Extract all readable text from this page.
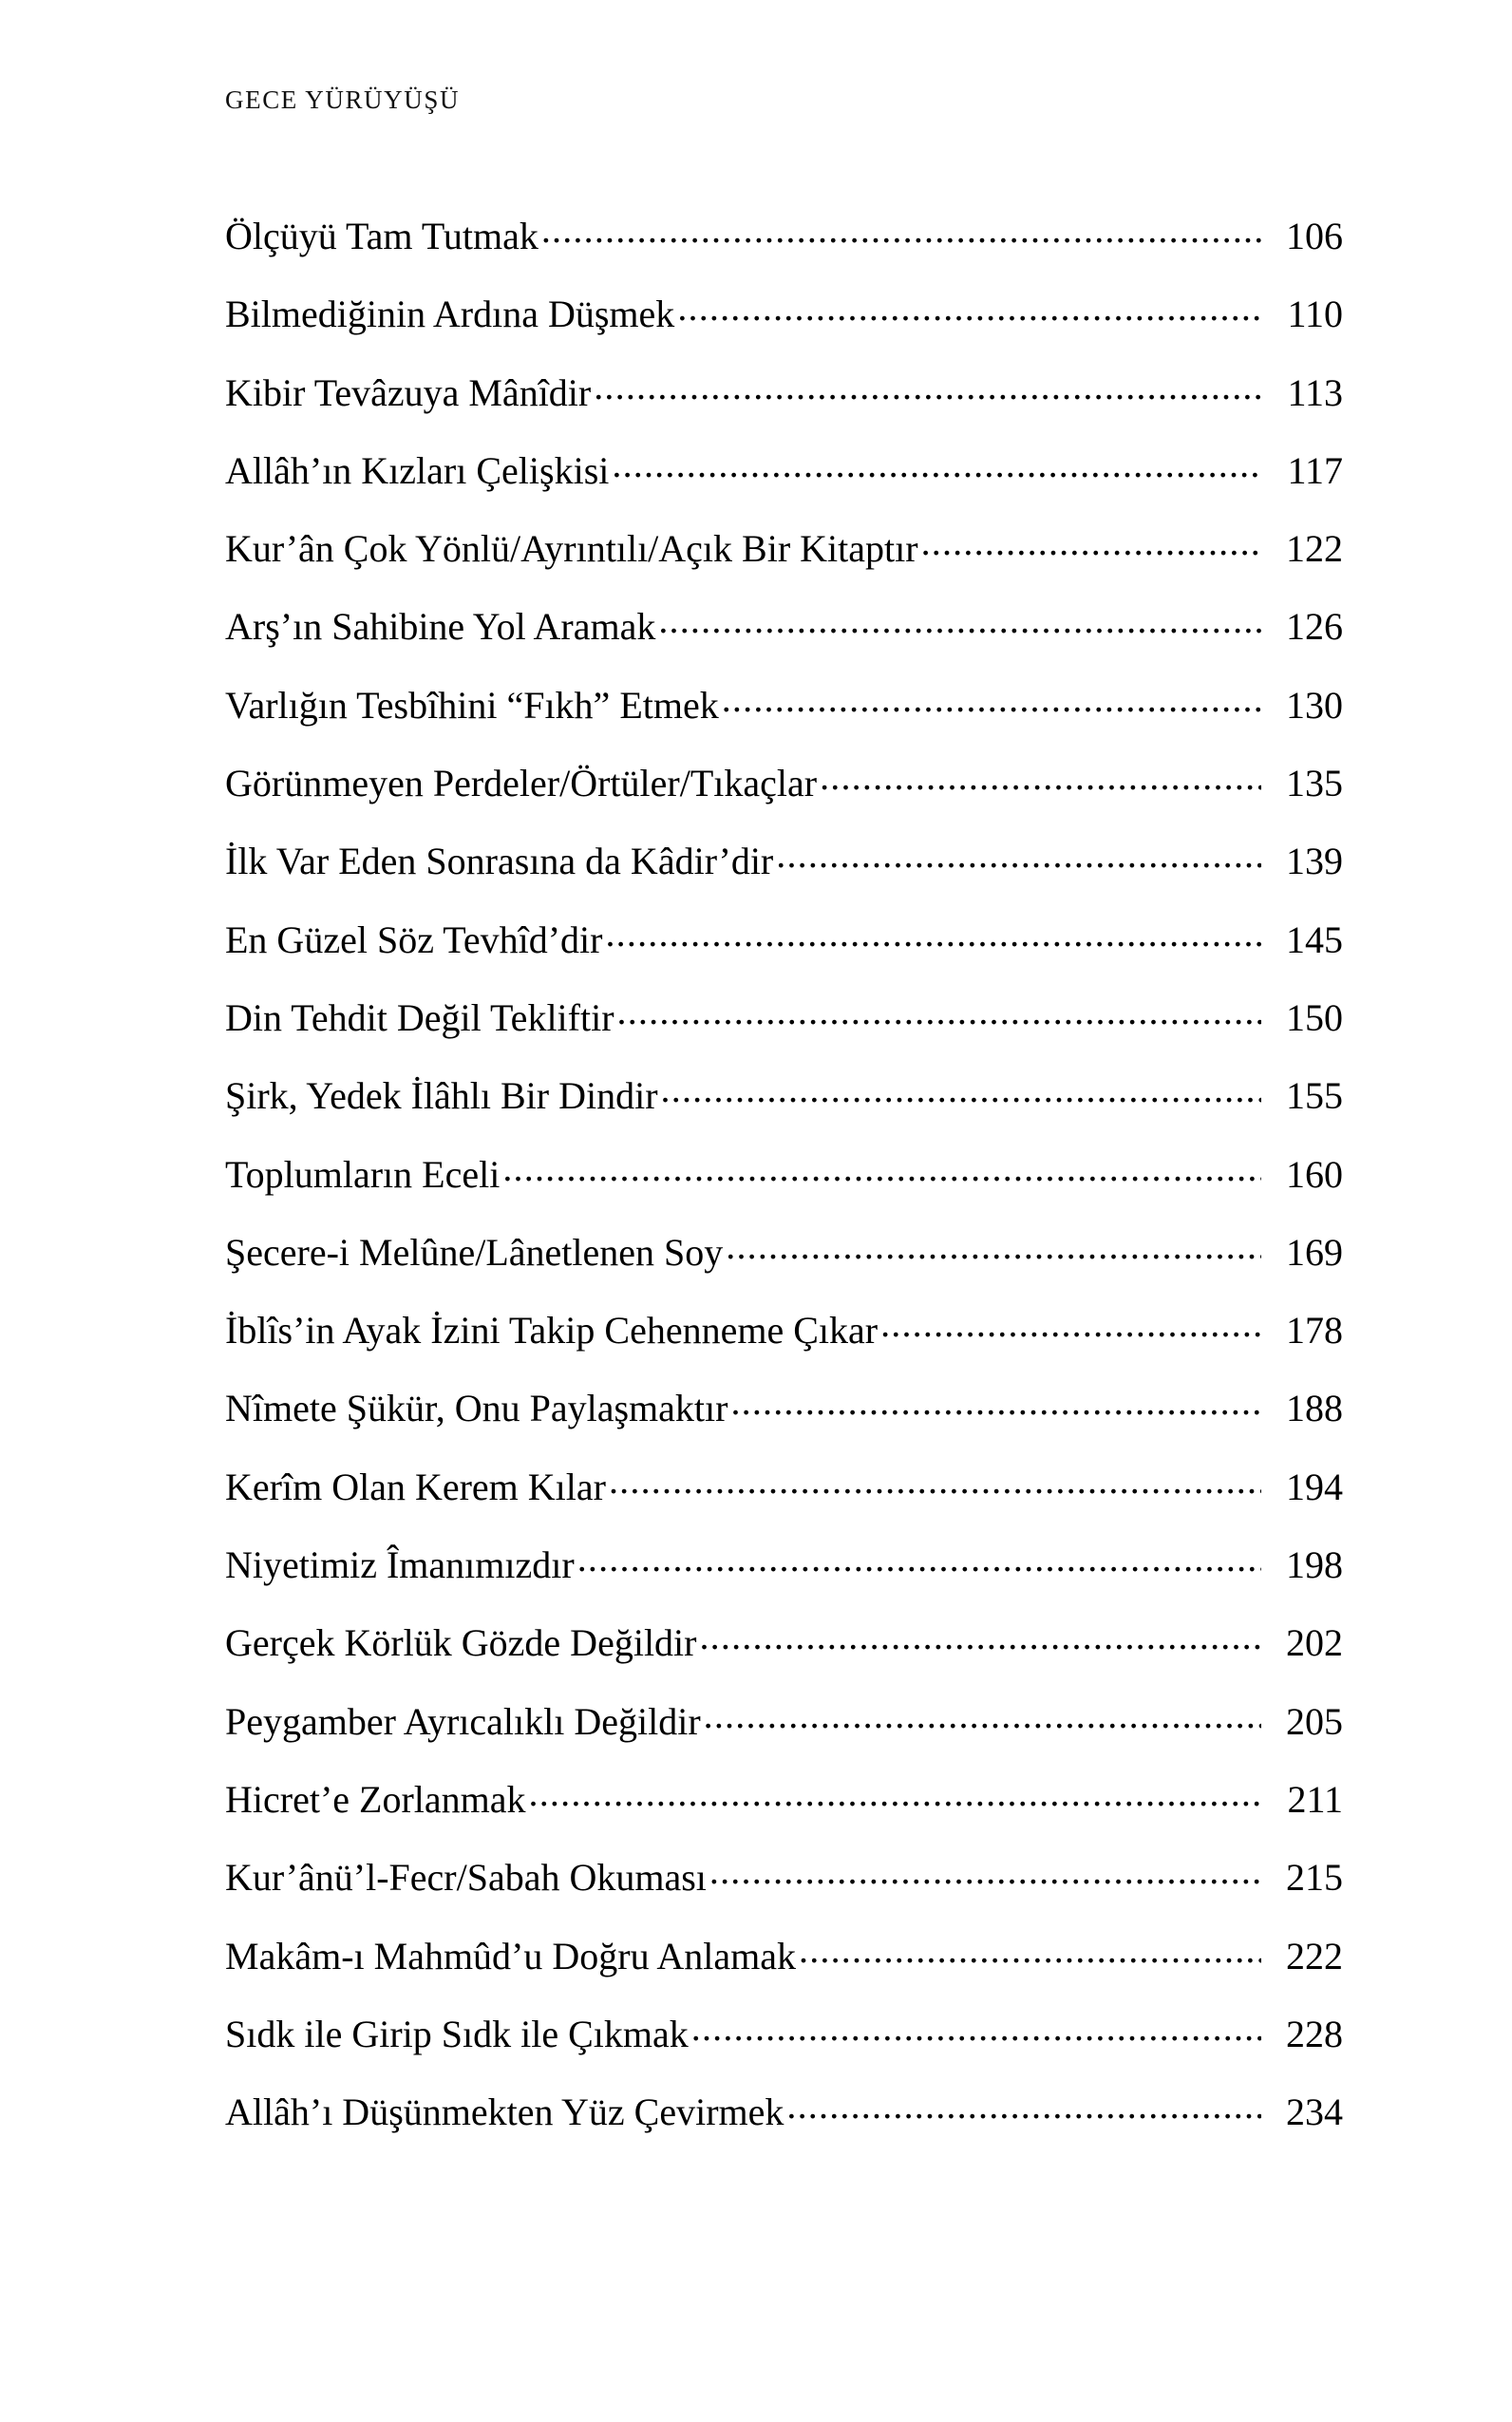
GECE YÜRÜYÜŞÜ
Ölçüyü Tam Tutmak .....	106
Bilmediğinin Ardına Düşmek .....	110
Kibir Tevâzuya Mânîdir .....	113
Allâh’ın Kızları Çelişkisi .....	117
Kur’ân Çok Yönlü/Ayrıntılı/Açık Bir Kitaptır .....	122
Arş’ın Sahibine Yol Aramak .....	126
Varlığın Tesbîhini “Fıkh” Etmek .....	130
Görünmeyen Perdeler/Örtüler/Tıkaçlar .....	135
İlk Var Eden Sonrasına da Kâdir’dir .....	139
En Güzel Söz Tevhîd’dir .....	145
Din Tehdit Değil Tekliftir .....	150
Şirk, Yedek İlâhlı Bir Dindir .....	155
Toplumların Eceli .....	160
Şecere-i Melûne/Lânetlenen Soy .....	169
İblîs’in Ayak İzini Takip Cehenneme Çıkar .....	178
Nîmete Şükür, Onu Paylaşmaktır .....	188
Kerîm Olan Kerem Kılar .....	194
Niyetimiz Îmanımızdır .....	198
Gerçek Körlük Gözde Değildir .....	202
Peygamber Ayrıcalıklı Değildir .....	205
Hicret’e Zorlanmak .....	211
Kur’ânü’l-Fecr/Sabah Okuması .....	215
Makâm-ı Mahmûd’u Doğru Anlamak .....	222
Sıdk ile Girip Sıdk ile Çıkmak .....	228
Allâh’ı Düşünmekten Yüz Çevirmek .....	234
